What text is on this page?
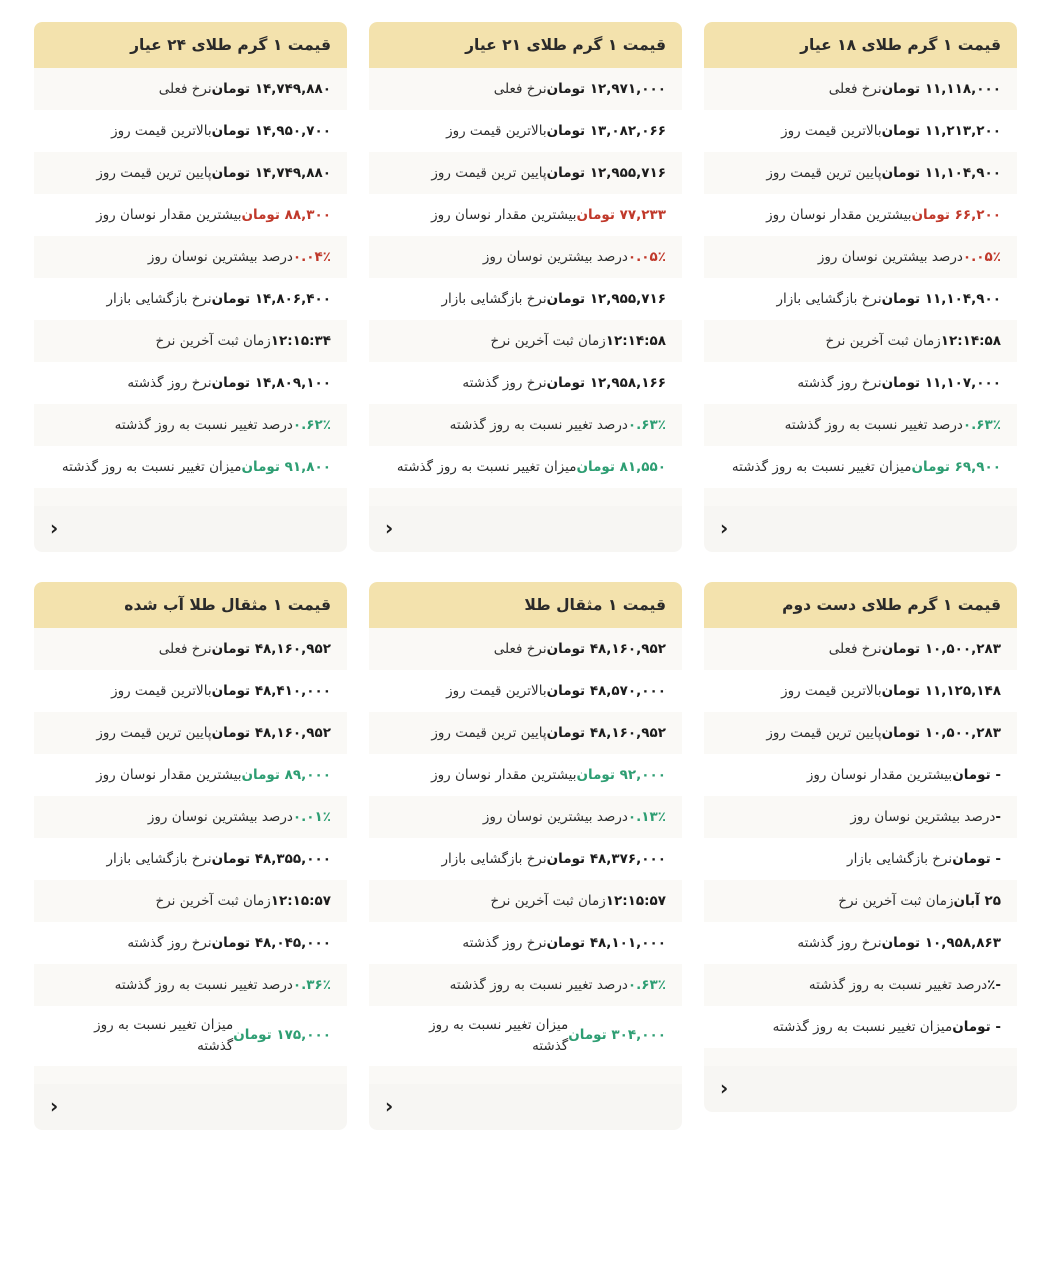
قیمت ۱ گرم طلای ۲۴ عیار
نرخ فعلی ۱۴,۷۴۹,۸۸۰ تومان
بالاترین قیمت روز ۱۴,۹۵۰,۷۰۰ تومان
پایین ترین قیمت روز ۱۴,۷۴۹,۸۸۰ تومان
بیشترین مقدار نوسان روز ۸۸,۳۰۰ تومان
درصد بیشترین نوسان روز ۰.۰۴٪
نرخ بازگشایی بازار ۱۴,۸۰۶,۴۰۰ تومان
زمان ثبت آخرین نرخ ۱۲:۱۵:۳۴
نرخ روز گذشته ۱۴,۸۰۹,۱۰۰ تومان
درصد تغییر نسبت به روز گذشته ۰.۶۲٪
میزان تغییر نسبت به روز گذشته ۹۱,۸۰۰ تومان
‹
قیمت ۱ گرم طلای ۲۱ عیار
نرخ فعلی ۱۲,۹۷۱,۰۰۰ تومان
بالاترین قیمت روز ۱۳,۰۸۲,۰۶۶ تومان
پایین ترین قیمت روز ۱۲,۹۵۵,۷۱۶ تومان
بیشترین مقدار نوسان روز ۷۷,۲۳۳ تومان
درصد بیشترین نوسان روز ۰.۰۵٪
نرخ بازگشایی بازار ۱۲,۹۵۵,۷۱۶ تومان
زمان ثبت آخرین نرخ ۱۲:۱۴:۵۸
نرخ روز گذشته ۱۲,۹۵۸,۱۶۶ تومان
درصد تغییر نسبت به روز گذشته ۰.۶۳٪
میزان تغییر نسبت به روز گذشته ۸۱,۵۵۰ تومان
‹
قیمت ۱ گرم طلای ۱۸ عیار
نرخ فعلی ۱۱,۱۱۸,۰۰۰ تومان
بالاترین قیمت روز ۱۱,۲۱۳,۲۰۰ تومان
پایین ترین قیمت روز ۱۱,۱۰۴,۹۰۰ تومان
بیشترین مقدار نوسان روز ۶۶,۲۰۰ تومان
درصد بیشترین نوسان روز ۰.۰۵٪
نرخ بازگشایی بازار ۱۱,۱۰۴,۹۰۰ تومان
زمان ثبت آخرین نرخ ۱۲:۱۴:۵۸
نرخ روز گذشته ۱۱,۱۰۷,۰۰۰ تومان
درصد تغییر نسبت به روز گذشته ۰.۶۳٪
میزان تغییر نسبت به روز گذشته ۶۹,۹۰۰ تومان
‹
قیمت ۱ مثقال طلا آب شده
نرخ فعلی ۴۸,۱۶۰,۹۵۲ تومان
بالاترین قیمت روز ۴۸,۴۱۰,۰۰۰ تومان
پایین ترین قیمت روز ۴۸,۱۶۰,۹۵۲ تومان
بیشترین مقدار نوسان روز ۸۹,۰۰۰ تومان
درصد بیشترین نوسان روز ۰.۰۱٪
نرخ بازگشایی بازار ۴۸,۳۵۵,۰۰۰ تومان
زمان ثبت آخرین نرخ ۱۲:۱۵:۵۷
نرخ روز گذشته ۴۸,۰۴۵,۰۰۰ تومان
درصد تغییر نسبت به روز گذشته ۰.۳۶٪
میزان تغییر نسبت به روز گذشته
۱۷۵,۰۰۰ تومان
‹
قیمت ۱ مثقال طلا
نرخ فعلی ۴۸,۱۶۰,۹۵۲ تومان
بالاترین قیمت روز ۴۸,۵۷۰,۰۰۰ تومان
پایین ترین قیمت روز ۴۸,۱۶۰,۹۵۲ تومان
بیشترین مقدار نوسان روز ۹۲,۰۰۰ تومان
درصد بیشترین نوسان روز ۰.۱۳٪
نرخ بازگشایی بازار ۴۸,۳۷۶,۰۰۰ تومان
زمان ثبت آخرین نرخ ۱۲:۱۵:۵۷
نرخ روز گذشته ۴۸,۱۰۱,۰۰۰ تومان
درصد تغییر نسبت به روز گذشته ۰.۶۳٪
میزان تغییر نسبت به روز گذشته
۳۰۴,۰۰۰ تومان
‹
قیمت ۱ گرم طلای دست دوم
نرخ فعلی ۱۰,۵۰۰,۲۸۳ تومان
بالاترین قیمت روز ۱۱,۱۲۵,۱۴۸ تومان
پایین ترین قیمت روز ۱۰,۵۰۰,۲۸۳ تومان
بیشترین مقدار نوسان روز - تومان
درصد بیشترین نوسان روز -
نرخ بازگشایی بازار - تومان
زمان ثبت آخرین نرخ ۲۵ آبان
نرخ روز گذشته ۱۰,۹۵۸,۸۶۳ تومان
درصد تغییر نسبت به روز گذشته -٪
میزان تغییر نسبت به روز گذشته - تومان
‹
